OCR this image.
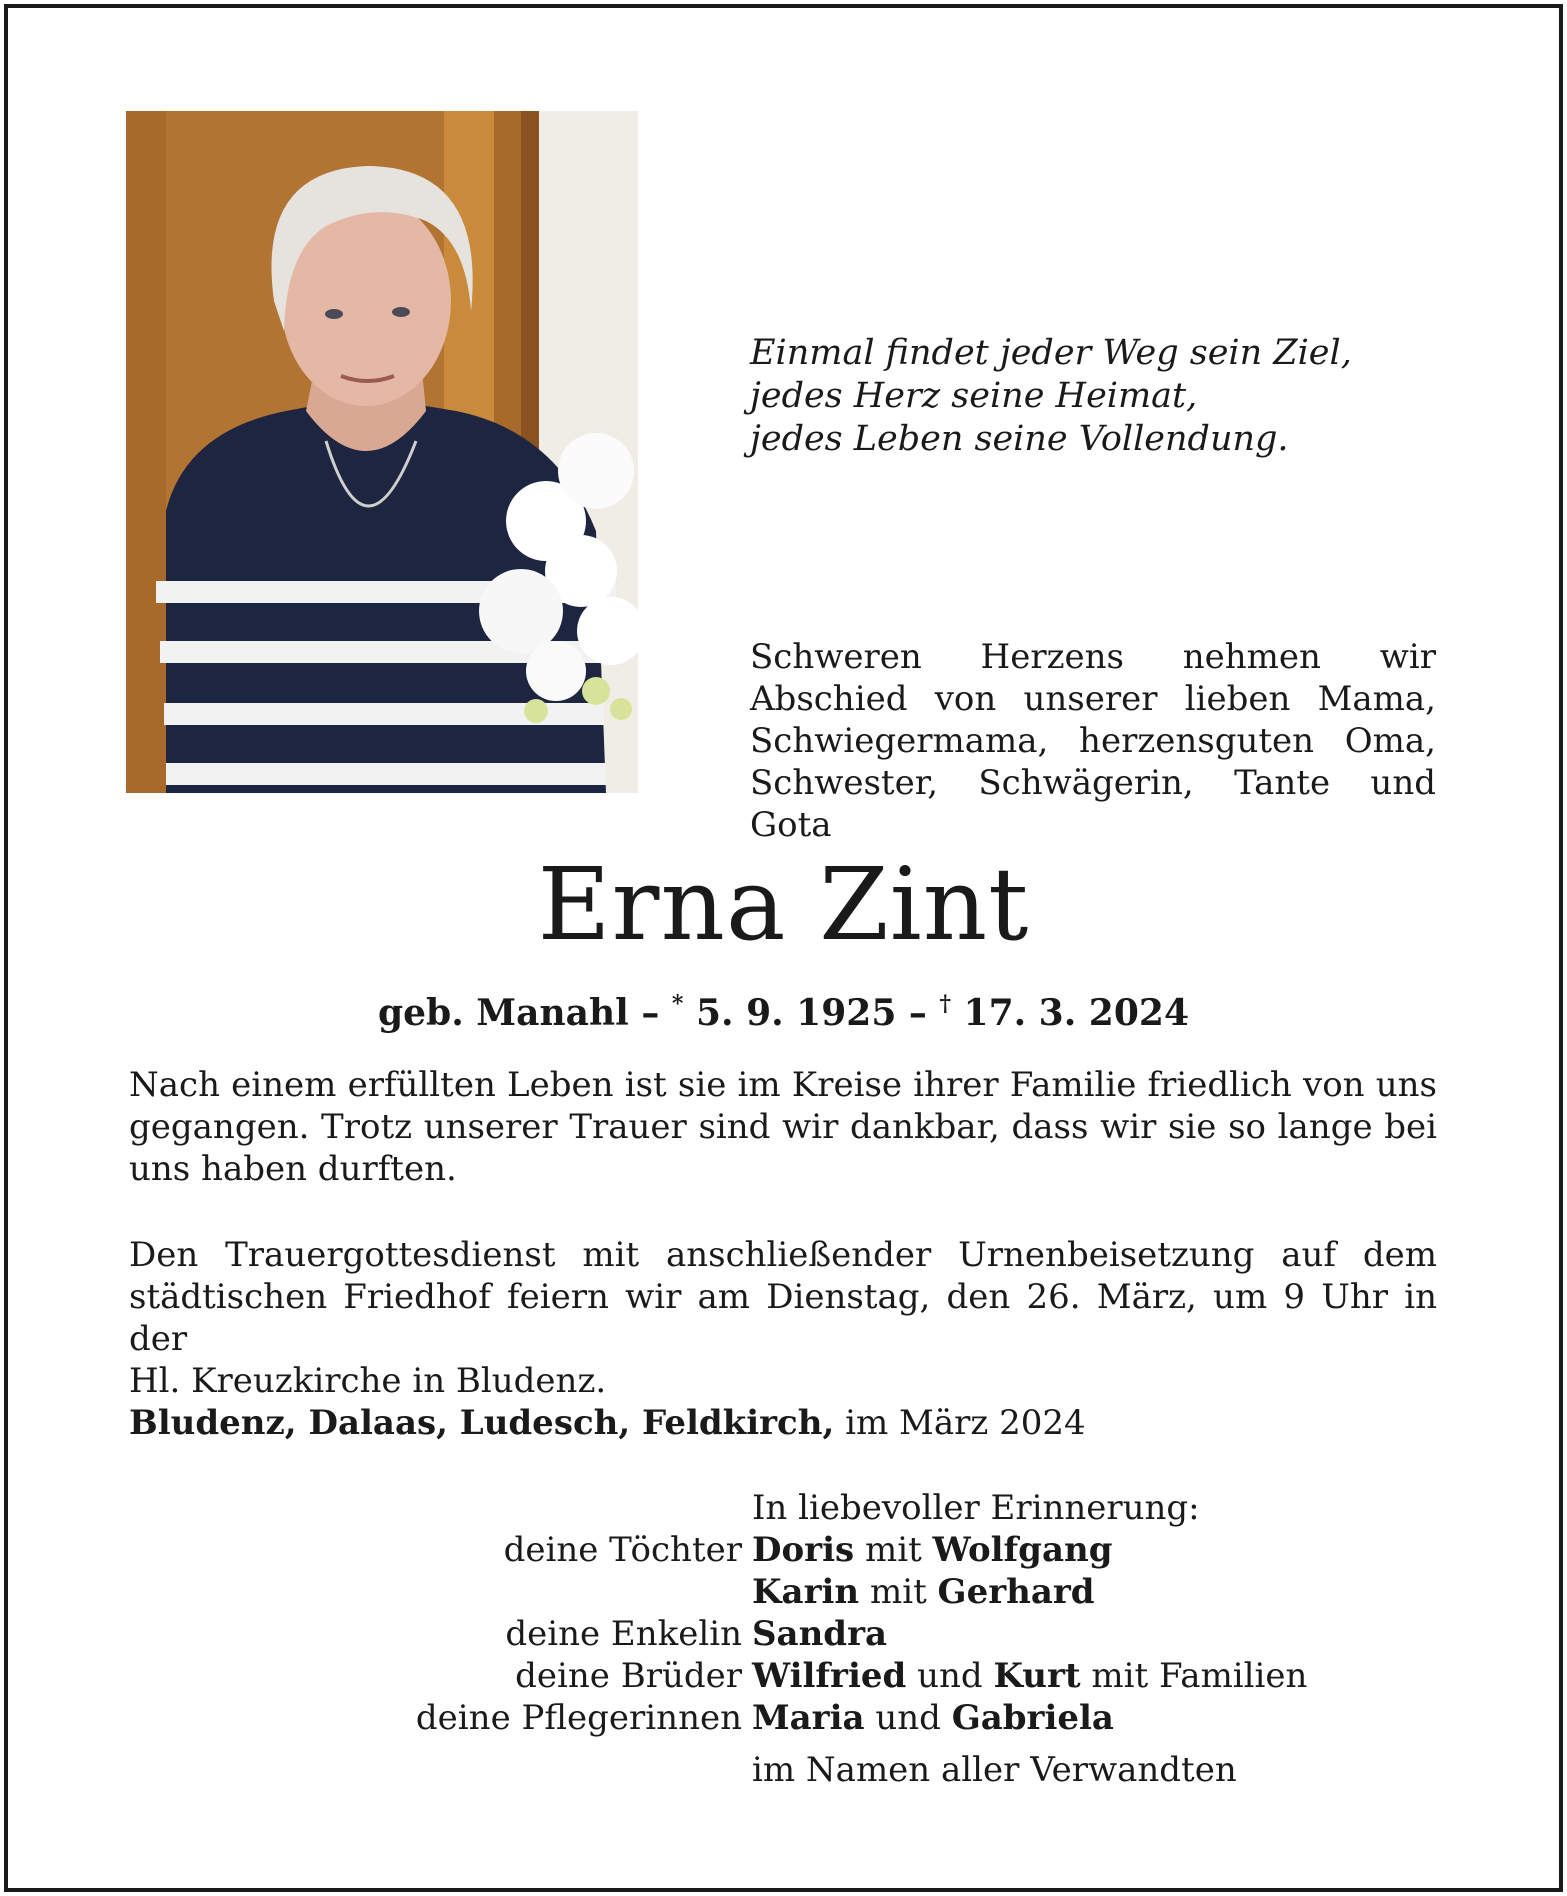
Einmal findet jeder Weg sein Ziel,
jedes Herz seine Heimat,
jedes Leben seine Vollendung.
Schweren Herzens nehmen wir
Abschied von unserer lieben Mama,
Schwiegermama, herzensguten Oma,
Schwester, Schwägerin, Tante und Gota
Erna Zint
geb. Manahl – * 5. 9. 1925 – † 17. 3. 2024
Nach einem erfüllten Leben ist sie im Kreise ihrer Familie friedlich von uns
gegangen. Trotz unserer Trauer sind wir dankbar, dass wir sie so lange bei
uns haben durften.
Den Trauergottesdienst mit anschließender Urnenbeisetzung auf dem
städtischen Friedhof feiern wir am Dienstag, den 26. März, um 9 Uhr in der
Hl. Kreuzkirche in Bludenz.
Bludenz, Dalaas, Ludesch, Feldkirch, im März 2024
In liebevoller Erinnerung:
deine Töchter Doris mit Wolfgang
Karin mit Gerhard
deine Enkelin Sandra
deine Brüder Wilfried und Kurt mit Familien
deine Pflegerinnen Maria und Gabriela
im Namen aller Verwandten
